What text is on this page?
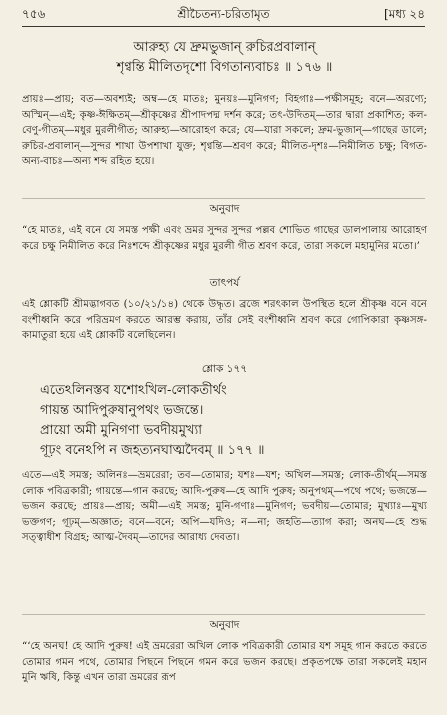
৭৫৬	শ্রীচৈতন্য-চরিতামৃত	[মধ্য ২৪

আরুহ্য যে দ্রুমভুজান্ রুচিরপ্রবালান্

শৃণ্বন্তি মীলিতদৃশো বিগতান্যবাচঃ ॥ ১৭৬ ॥

প্রায়ঃ—প্রায়; বত—অবশ্যই; অম্ব—হে মাতঃ; মুনয়ঃ—মুনিগণ; বিহগাঃ—পক্ষীসমূহ; বনে—অরণ্যে; অস্মিন্—এই; কৃষ্ণ-ঈক্ষিতম্—শ্রীকৃষ্ণের শ্রীপাদপদ্ম দর্শন করে; তৎ-উদিতম্—তার দ্বারা প্রকাশিত; কল-বেণু-গীতম্—মধুর মুরলীগীত; আরুহ্য—আরোহণ করে; যে—যারা সকলে; দ্রুম-ভুজান্—গাছের ডালে; রুচির-প্রবালান্—সুন্দর শাখা উপশাখা যুক্ত; শৃণ্বন্তি—শ্রবণ করে; মীলিত-দৃশঃ—নিমীলিত চক্ষু; বিগত-অন্য-বাচঃ—অন্য শব্দ রহিত হয়ে।

অনুবাদ

“হে মাতঃ, এই বনে যে সমস্ত পক্ষী এবং ভ্রমর সুন্দর সুন্দর পল্লব শোভিত গাছের ডালপালায় আরোহণ করে চক্ষু নিমীলিত করে নিঃশব্দে শ্রীকৃষ্ণের মধুর মুরলী গীত শ্রবণ করে, তারা সকলে মহামুনির মতো।’

তাৎপর্য

এই শ্লোকটি শ্রীমদ্ভাগবত (১০/২১/১৪) থেকে উদ্ধৃত। ব্রজে শরৎকাল উপস্থিত হলে শ্রীকৃষ্ণ বনে বনে বংশীধ্বনি করে পরিভ্রমণ করতে আরম্ভ করায়, তাঁর সেই বংশীধ্বনি শ্রবণ করে গোপিকারা কৃষ্ণসঙ্গ-কামাতুরা হয়ে এই শ্লোকটি বলেছিলেন।

শ্লোক ১৭৭

এতেঽলিনস্তব যশোঽখিল-লোকতীর্থং

গায়ন্ত আদিপুরুষানুপথং ভজন্তে।

প্রায়ো অমী মুনিগণা ভবদীয়মুখ্যা

গূঢ়ং বনেঽপি ন জহত্যনঘাত্মদৈবম্ ॥ ১৭৭ ॥

এতে—এই সমস্ত; অলিনঃ—ভ্রমরেরা; তব—তোমার; যশঃ—যশ; অখিল—সমস্ত; লোক-তীর্থম্—সমস্ত লোক পবিত্রকারী; গায়ন্তে—গান করছে; আদি-পুরুষ—হে আদি পুরুষ; অনুপথম্—পথে পথে; ভজন্তে—ভজন করছে; প্রায়ঃ—প্রায়; অমী—এই সমস্ত; মুনি-গণাঃ—মুনিগণ; ভবদীয়—তোমার; মুখ্যাঃ—মুখ্য ভক্তগণ; গূঢ়ম্—অজ্ঞাত; বনে—বনে; অপি—যদিও; ন—না; জহতি—ত্যাগ করা; অনঘ—হে শুদ্ধ সত্ত্বাধীশ বিগ্রহ; আত্ম-দৈবম্—তাদের আরাধ্য দেবতা।

অনুবাদ

“‘হে অনঘ! হে আদি পুরুষ! এই ভ্রমরেরা অখিল লোক পবিত্রকারী তোমার যশ সমূহ গান করতে করতে তোমার গমন পথে, তোমার পিছনে পিছনে গমন করে ভজন করছে। প্রকৃতপক্ষে তারা সকলেই মহান মুনি ঋষি, কিন্তু এখন তারা ভ্রমরের রূপ
